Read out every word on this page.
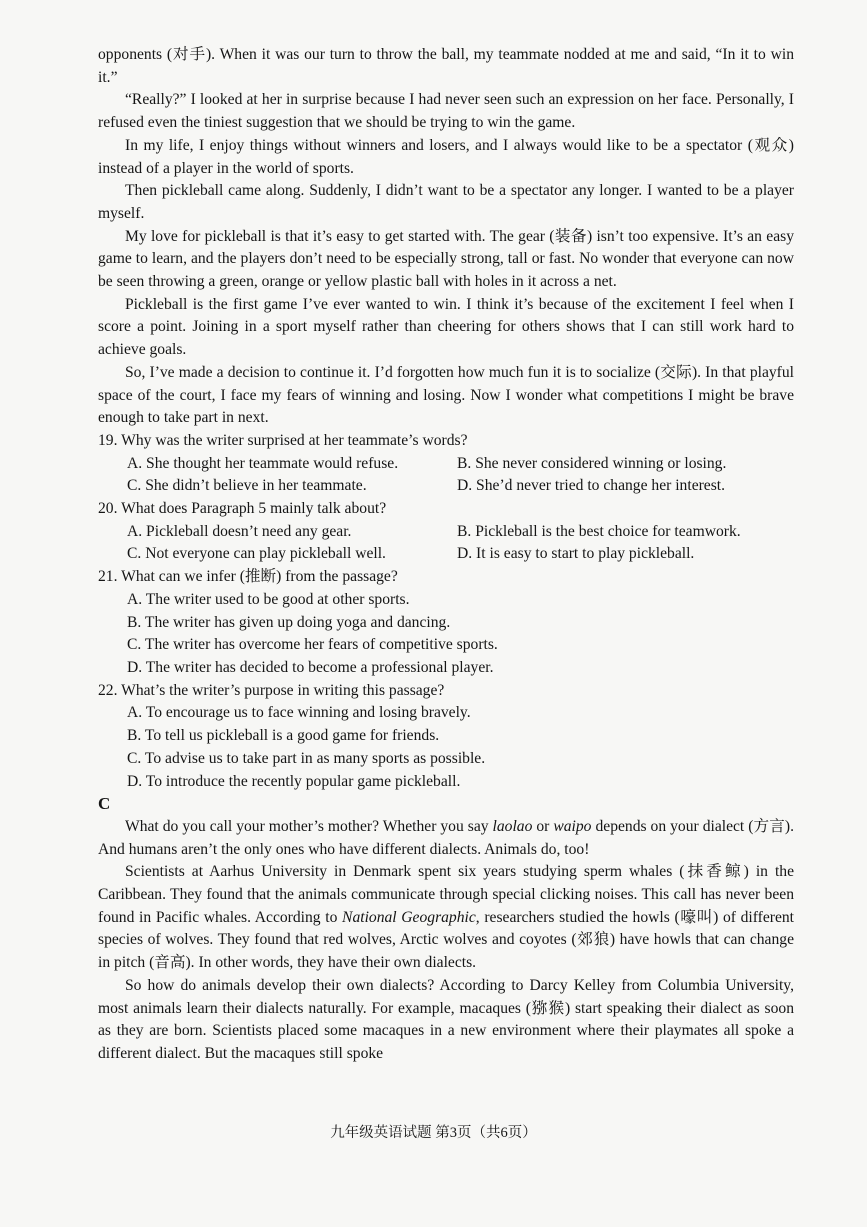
opponents (对手). When it was our turn to throw the ball, my teammate nodded at me and said, “In it to win it.”

“Really?” I looked at her in surprise because I had never seen such an expression on her face. Personally, I refused even the tiniest suggestion that we should be trying to win the game.

In my life, I enjoy things without winners and losers, and I always would like to be a spectator (观众) instead of a player in the world of sports.

Then pickleball came along. Suddenly, I didn’t want to be a spectator any longer. I wanted to be a player myself.

My love for pickleball is that it’s easy to get started with. The gear (装备) isn’t too expensive. It’s an easy game to learn, and the players don’t need to be especially strong, tall or fast. No wonder that everyone can now be seen throwing a green, orange or yellow plastic ball with holes in it across a net.

Pickleball is the first game I’ve ever wanted to win. I think it’s because of the excitement I feel when I score a point. Joining in a sport myself rather than cheering for others shows that I can still work hard to achieve goals.

So, I’ve made a decision to continue it. I’d forgotten how much fun it is to socialize (交际). In that playful space of the court, I face my fears of winning and losing. Now I wonder what competitions I might be brave enough to take part in next.

19. Why was the writer surprised at her teammate’s words?

A. She thought her teammate would refuse.	B. She never considered winning or losing.
C. She didn’t believe in her teammate.	D. She’d never tried to change her interest.

20. What does Paragraph 5 mainly talk about?

A. Pickleball doesn’t need any gear.	B. Pickleball is the best choice for teamwork.
C. Not everyone can play pickleball well.	D. It is easy to start to play pickleball.

21. What can we infer (推断) from the passage?

A. The writer used to be good at other sports.

B. The writer has given up doing yoga and dancing.

C. The writer has overcome her fears of competitive sports.

D. The writer has decided to become a professional player.

22. What’s the writer’s purpose in writing this passage?

A. To encourage us to face winning and losing bravely.

B. To tell us pickleball is a good game for friends.

C. To advise us to take part in as many sports as possible.

D. To introduce the recently popular game pickleball.

C

What do you call your mother’s mother? Whether you say laolao or waipo depends on your dialect (方言). And humans aren’t the only ones who have different dialects. Animals do, too!

Scientists at Aarhus University in Denmark spent six years studying sperm whales (抹香鲸) in the Caribbean. They found that the animals communicate through special clicking noises. This call has never been found in Pacific whales. According to National Geographic, researchers studied the howls (嚎叫) of different species of wolves. They found that red wolves, Arctic wolves and coyotes (郊狼) have howls that can change in pitch (音高). In other words, they have their own dialects.

So how do animals develop their own dialects? According to Darcy Kelley from Columbia University, most animals learn their dialects naturally. For example, macaques (猕猴) start speaking their dialect as soon as they are born. Scientists placed some macaques in a new environment where their playmates all spoke a different dialect. But the macaques still spoke

九年级英语试题 第3页（共6页）
